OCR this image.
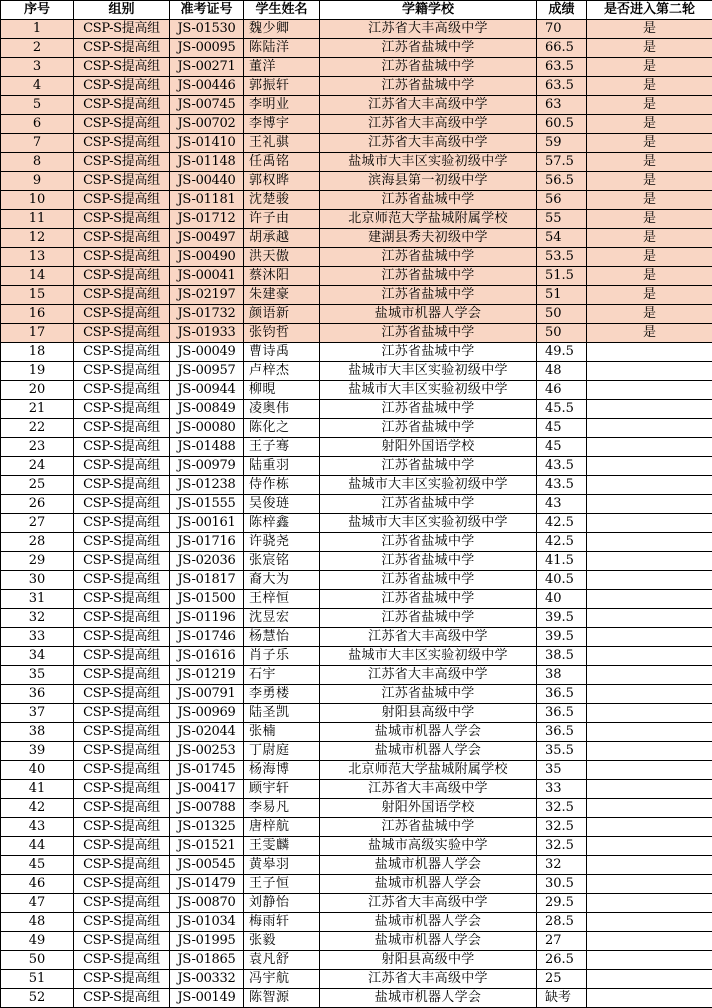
序号	组别	准考证号	学生姓名	学籍学校	成绩	是否进入第二轮
1	CSP-S提高组	JS-01530	魏少卿	江苏省大丰高级中学	70	是
2	CSP-S提高组	JS-00095	陈陆洋	江苏省盐城中学	66.5	是
3	CSP-S提高组	JS-00271	董洋	江苏省盐城中学	63.5	是
4	CSP-S提高组	JS-00446	郭振轩	江苏省盐城中学	63.5	是
5	CSP-S提高组	JS-00745	李明业	江苏省大丰高级中学	63	是
6	CSP-S提高组	JS-00702	李博宇	江苏省大丰高级中学	60.5	是
7	CSP-S提高组	JS-01410	王礼骐	江苏省大丰高级中学	59	是
8	CSP-S提高组	JS-01148	任禹铭	盐城市大丰区实验初级中学	57.5	是
9	CSP-S提高组	JS-00440	郭权晔	滨海县第一初级中学	56.5	是
10	CSP-S提高组	JS-01181	沈楚骏	江苏省盐城中学	56	是
11	CSP-S提高组	JS-01712	许子由	北京师范大学盐城附属学校	55	是
12	CSP-S提高组	JS-00497	胡承越	建湖县秀夫初级中学	54	是
13	CSP-S提高组	JS-00490	洪天傲	江苏省盐城中学	53.5	是
14	CSP-S提高组	JS-00041	蔡沐阳	江苏省盐城中学	51.5	是
15	CSP-S提高组	JS-02197	朱建豪	江苏省盐城中学	51	是
16	CSP-S提高组	JS-01732	颜语新	盐城市机器人学会	50	是
17	CSP-S提高组	JS-01933	张钧哲	江苏省盐城中学	50	是
18	CSP-S提高组	JS-00049	曹诗禹	江苏省盐城中学	49.5	
19	CSP-S提高组	JS-00957	卢梓杰	盐城市大丰区实验初级中学	48	
20	CSP-S提高组	JS-00944	柳晛	盐城市大丰区实验初级中学	46	
21	CSP-S提高组	JS-00849	凌奥伟	江苏省盐城中学	45.5	
22	CSP-S提高组	JS-00080	陈化之	江苏省盐城中学	45	
23	CSP-S提高组	JS-01488	王子骞	射阳外国语学校	45	
24	CSP-S提高组	JS-00979	陆重羽	江苏省盐城中学	43.5	
25	CSP-S提高组	JS-01238	侍作栋	盐城市大丰区实验初级中学	43.5	
26	CSP-S提高组	JS-01555	吴俊琏	江苏省盐城中学	43	
27	CSP-S提高组	JS-00161	陈梓鑫	盐城市大丰区实验初级中学	42.5	
28	CSP-S提高组	JS-01716	许骁尧	江苏省盐城中学	42.5	
29	CSP-S提高组	JS-02036	张宸铭	江苏省盐城中学	41.5	
30	CSP-S提高组	JS-01817	裔大为	江苏省盐城中学	40.5	
31	CSP-S提高组	JS-01500	王梓恒	江苏省盐城中学	40	
32	CSP-S提高组	JS-01196	沈昱宏	江苏省盐城中学	39.5	
33	CSP-S提高组	JS-01746	杨慧怡	江苏省大丰高级中学	39.5	
34	CSP-S提高组	JS-01616	肖子乐	盐城市大丰区实验初级中学	38.5	
35	CSP-S提高组	JS-01219	石宇	江苏省大丰高级中学	38	
36	CSP-S提高组	JS-00791	李勇楼	江苏省盐城中学	36.5	
37	CSP-S提高组	JS-00969	陆圣凯	射阳县高级中学	36.5	
38	CSP-S提高组	JS-02044	张楠	盐城市机器人学会	36.5	
39	CSP-S提高组	JS-00253	丁尉庭	盐城市机器人学会	35.5	
40	CSP-S提高组	JS-01745	杨海博	北京师范大学盐城附属学校	35	
41	CSP-S提高组	JS-00417	顾宇轩	江苏省大丰高级中学	33	
42	CSP-S提高组	JS-00788	李易凡	射阳外国语学校	32.5	
43	CSP-S提高组	JS-01325	唐梓航	江苏省盐城中学	32.5	
44	CSP-S提高组	JS-01521	王雯麟	盐城市高级实验中学	32.5	
45	CSP-S提高组	JS-00545	黄皋羽	盐城市机器人学会	32	
46	CSP-S提高组	JS-01479	王子恒	盐城市机器人学会	30.5	
47	CSP-S提高组	JS-00870	刘静怡	江苏省大丰高级中学	29.5	
48	CSP-S提高组	JS-01034	梅雨轩	盐城市机器人学会	28.5	
49	CSP-S提高组	JS-01995	张毅	盐城市机器人学会	27	
50	CSP-S提高组	JS-01865	袁凡舒	射阳县高级中学	26.5	
51	CSP-S提高组	JS-00332	冯宇航	江苏省大丰高级中学	25	
52	CSP-S提高组	JS-00149	陈智源	盐城市机器人学会	缺考	
